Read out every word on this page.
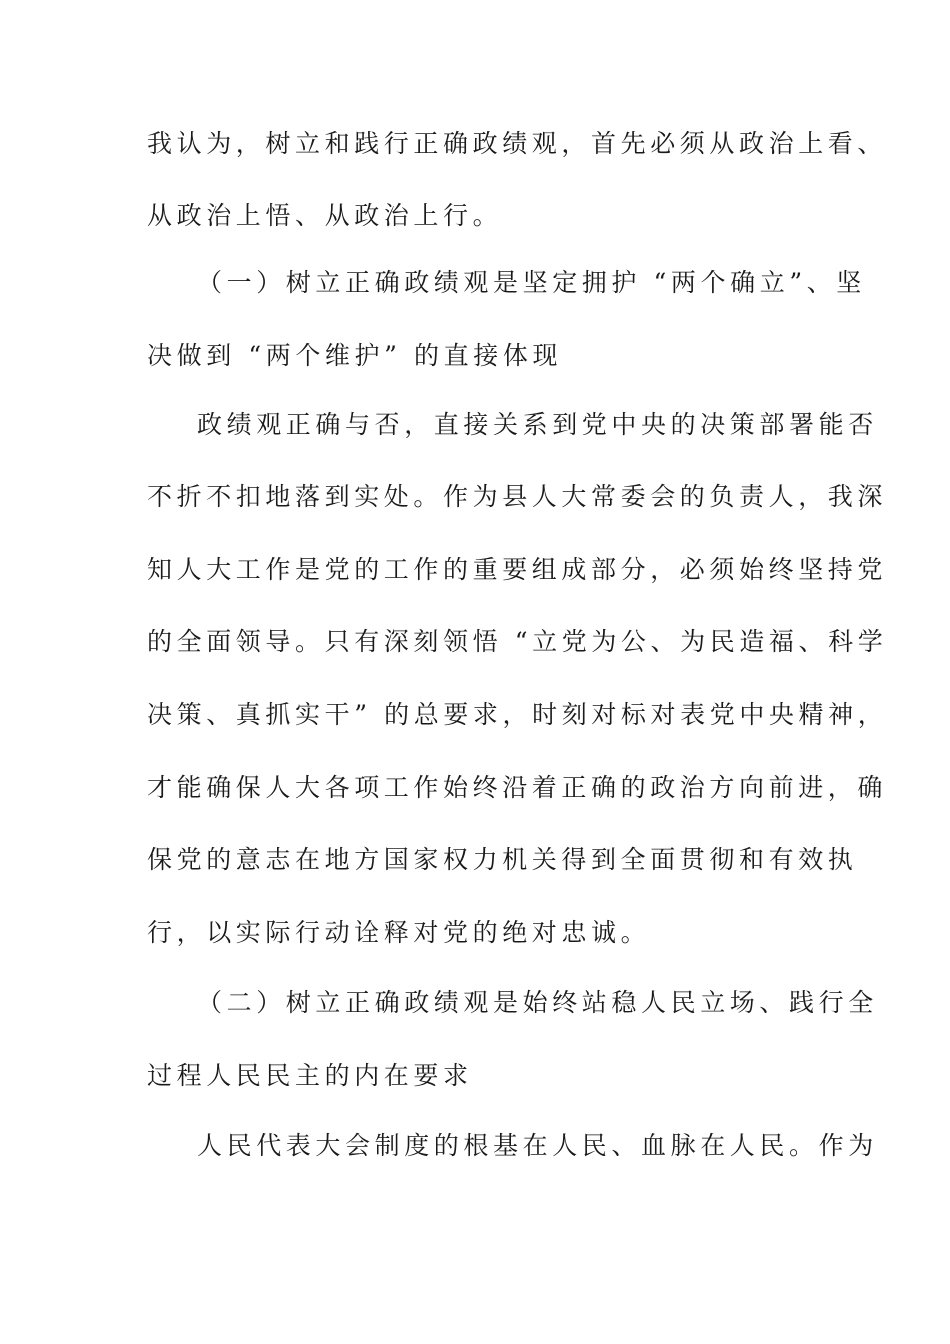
我认为，树立和践行正确政绩观，首先必须从政治上看、

从政治上悟、从政治上行。

（一）树立正确政绩观是坚定拥护 “两个确立”、坚

决做到 “两个维护” 的直接体现

政绩观正确与否，直接关系到党中央的决策部署能否

不折不扣地落到实处。作为县人大常委会的负责人，我深

知人大工作是党的工作的重要组成部分，必须始终坚持党

的全面领导。只有深刻领悟 “立党为公、为民造福、科学

决策、真抓实干” 的总要求，时刻对标对表党中央精神，

才能确保人大各项工作始终沿着正确的政治方向前进，确

保党的意志在地方国家权力机关得到全面贯彻和有效执

行，以实际行动诠释对党的绝对忠诚。

（二）树立正确政绩观是始终站稳人民立场、践行全

过程人民民主的内在要求

人民代表大会制度的根基在人民、血脉在人民。作为
